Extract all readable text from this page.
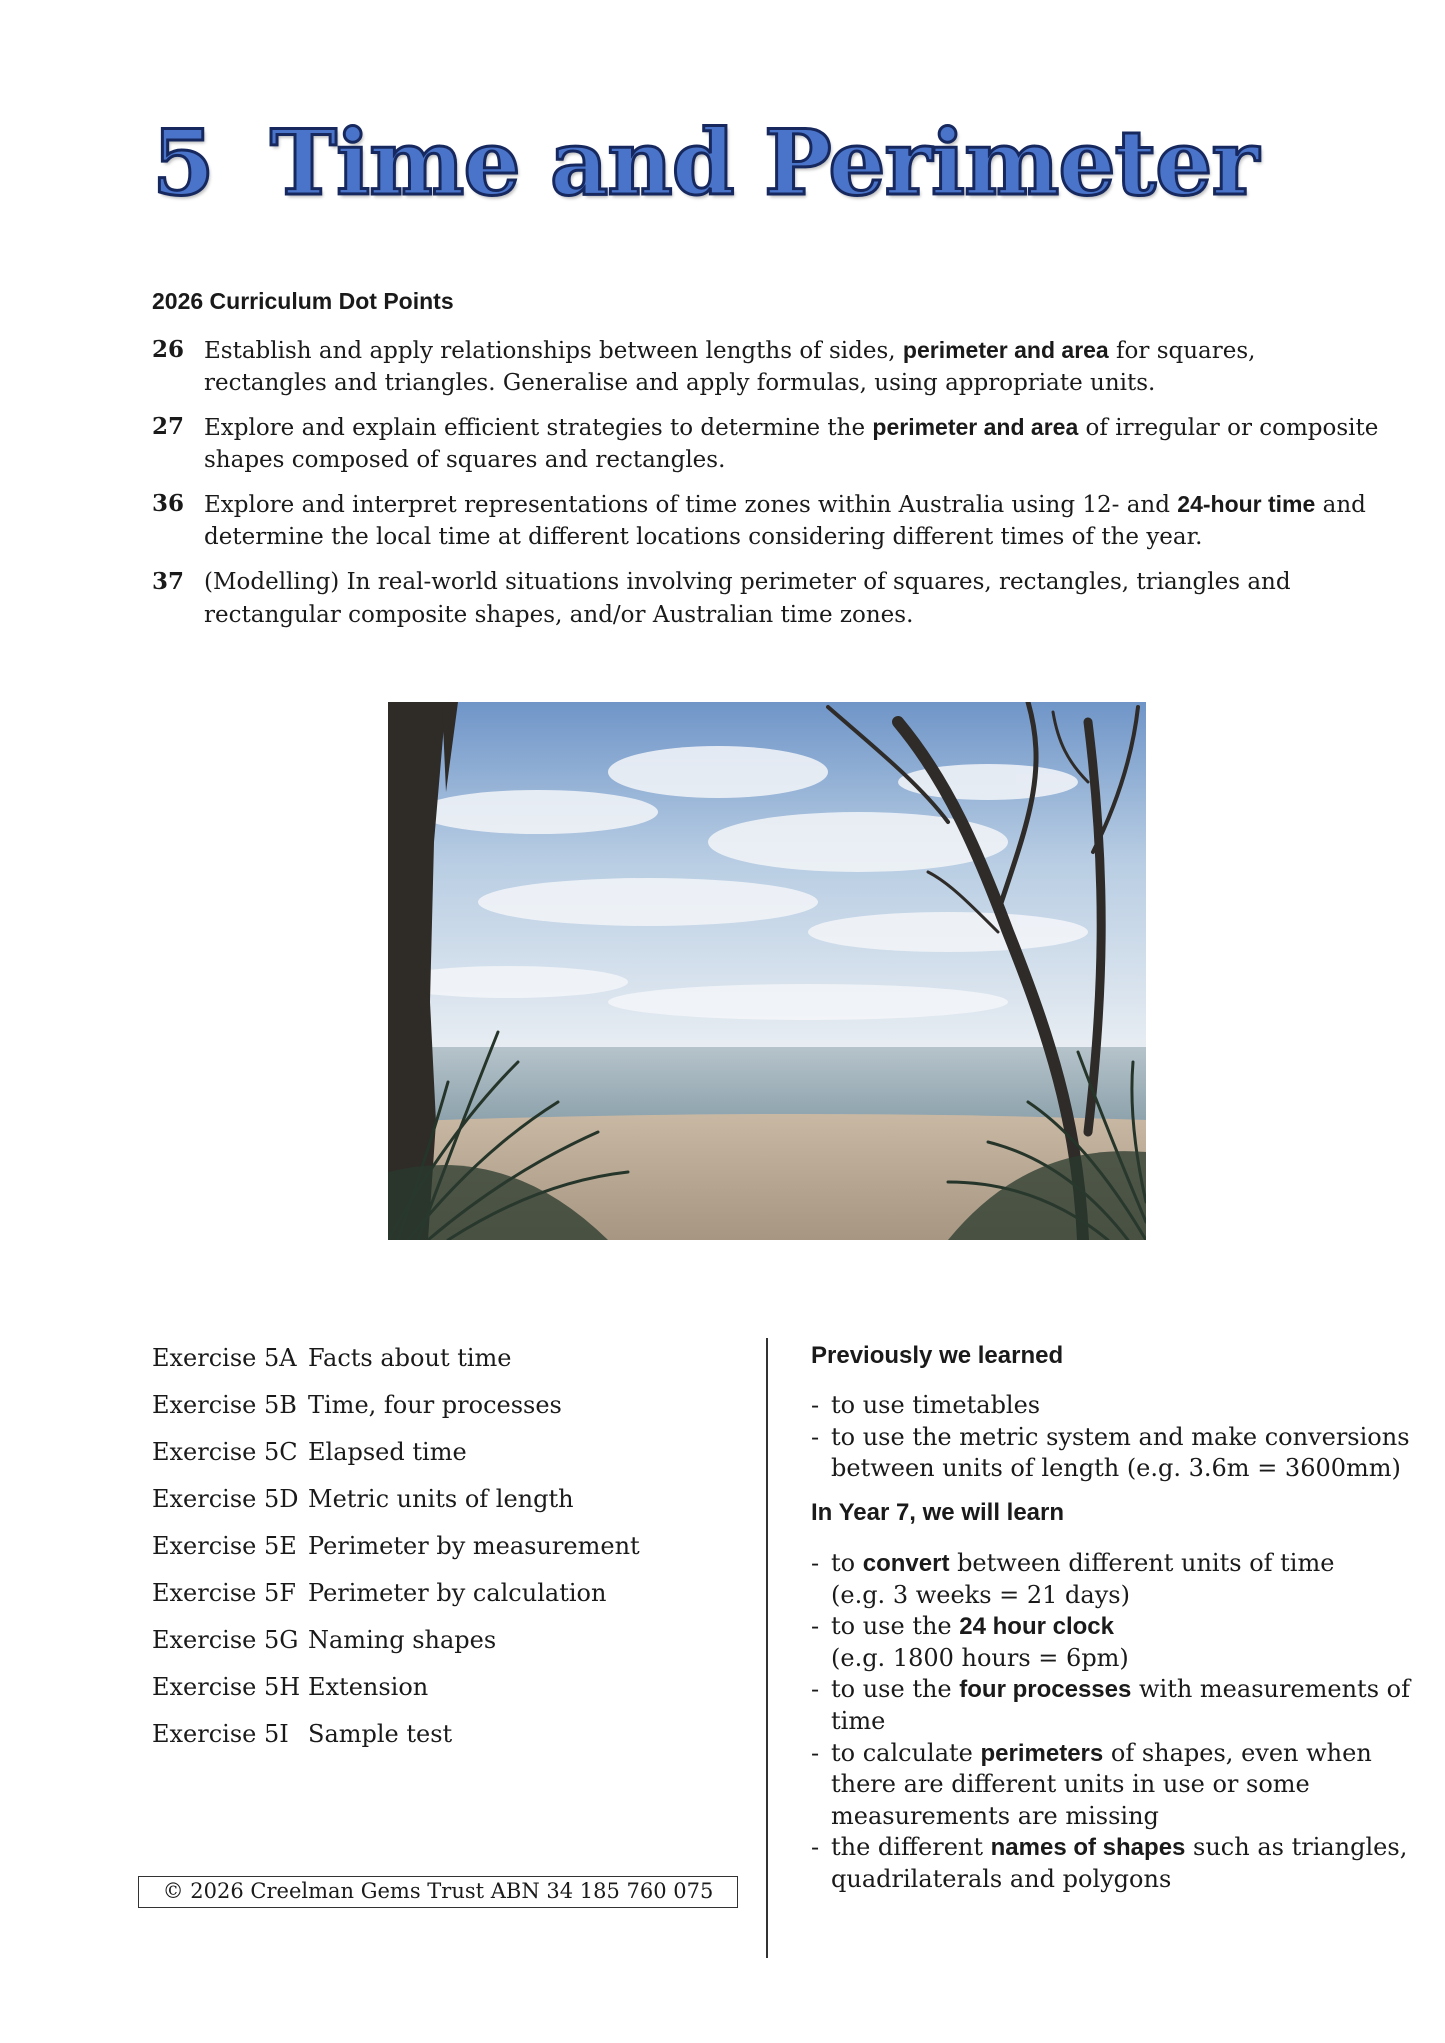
5 Time and Perimeter
2026 Curriculum Dot Points
26 Establish and apply relationships between lengths of sides, perimeter and area for squares, rectangles and triangles. Generalise and apply formulas, using appropriate units.
27 Explore and explain efficient strategies to determine the perimeter and area of irregular or composite shapes composed of squares and rectangles.
36 Explore and interpret representations of time zones within Australia using 12- and 24-hour time and determine the local time at different locations considering different times of the year.
37 (Modelling) In real-world situations involving perimeter of squares, rectangles, triangles and rectangular composite shapes, and/or Australian time zones.
Exercise 5A Facts about time
Exercise 5B Time, four processes
Exercise 5C Elapsed time
Exercise 5D Metric units of length
Exercise 5E Perimeter by measurement
Exercise 5F Perimeter by calculation
Exercise 5G Naming shapes
Exercise 5H Extension
Exercise 5I Sample test
© 2026 Creelman Gems Trust ABN 34 185 760 075
Previously we learned
- to use timetables
- to use the metric system and make conversions between units of length (e.g. 3.6m = 3600mm)
In Year 7, we will learn
- to convert between different units of time
(e.g. 3 weeks = 21 days)
- to use the 24 hour clock
(e.g. 1800 hours = 6pm)
- to use the four processes with measurements of time
- to calculate perimeters of shapes, even when there are different units in use or some measurements are missing
- the different names of shapes such as triangles, quadrilaterals and polygons
